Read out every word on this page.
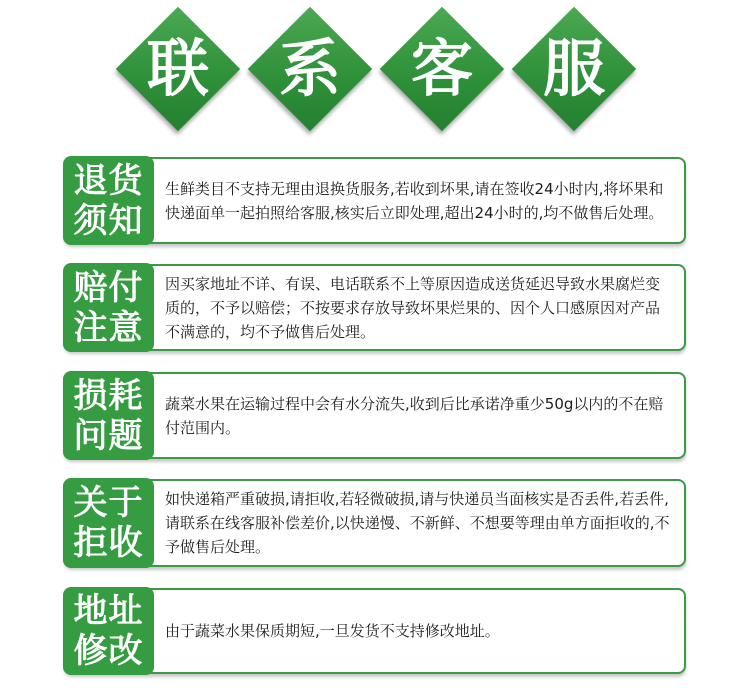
联	系	客	服
退货
须知
生鲜类目不支持无理由退换货服务,若收到坏果,请在签收24小时内,将坏果和快递面单一起拍照给客服,核实后立即处理,超出24小时的,均不做售后处理。
赔付
注意
因买家地址不详、有误、电话联系不上等原因造成送货延迟导致水果腐烂变质的，不予以赔偿；不按要求存放导致坏果烂果的、因个人口感原因对产品不满意的，均不予做售后处理。
损耗
问题
蔬菜水果在运输过程中会有水分流失,收到后比承诺净重少50g以内的不在赔付范围内。
关于
拒收
如快递箱严重破损,请拒收,若轻微破损,请与快递员当面核实是否丢件,若丢件,请联系在线客服补偿差价,以快递慢、不新鲜、不想要等理由单方面拒收的,不予做售后处理。
地址
修改 由于蔬菜水果保质期短,一旦发货不支持修改地址。
